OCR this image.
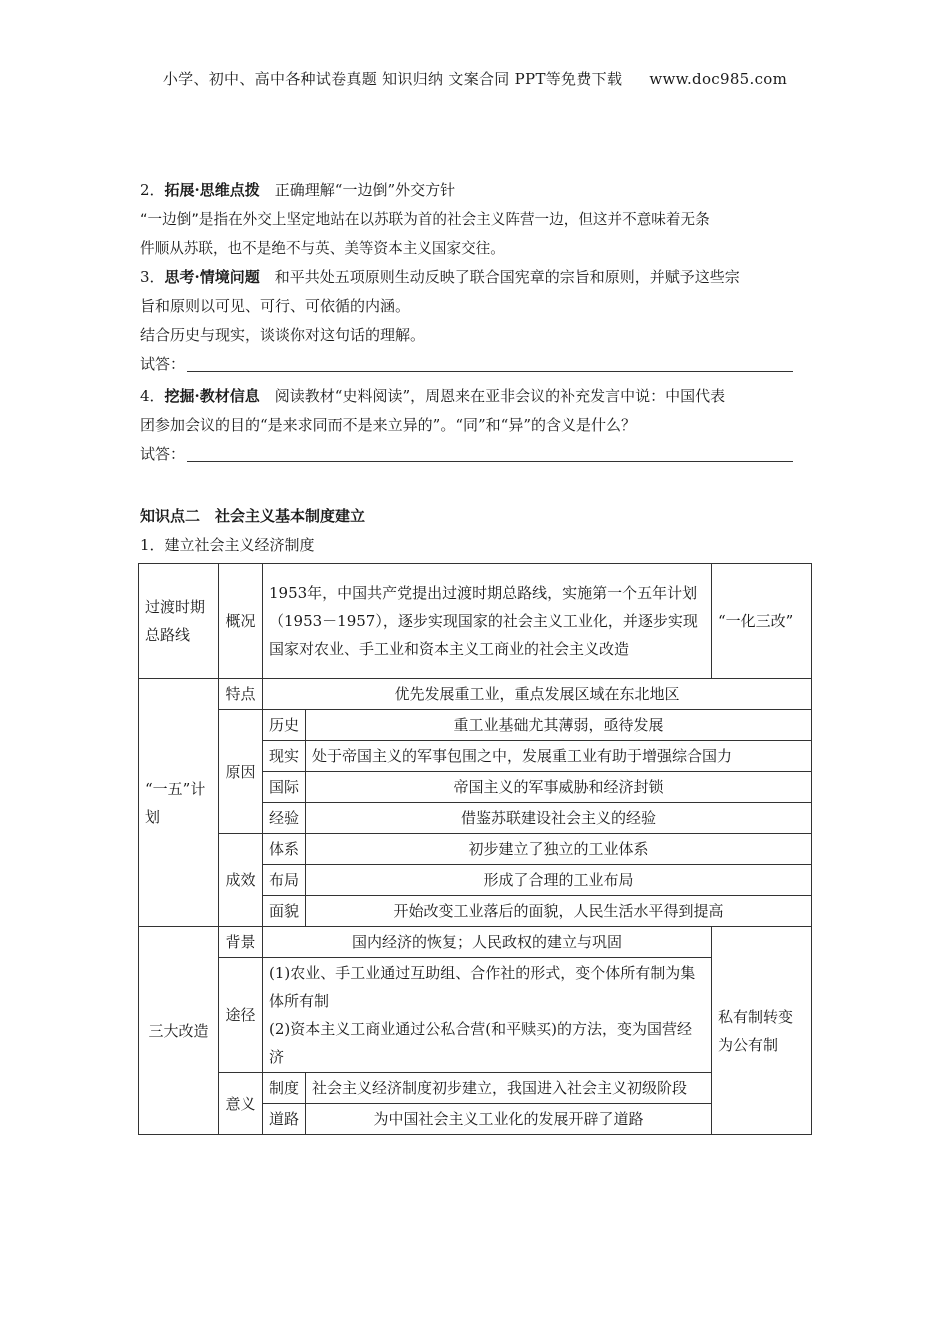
小学、初中、高中各种试卷真题 知识归纳 文案合同 PPT等免费下载 www.doc985.com
2．拓展·思维点拨　 正确理解“一边倒”外交方针
“一边倒”是指在外交上坚定地站在以苏联为首的社会主义阵营一边，但这并不意味着无条
件顺从苏联，也不是绝不与英、美等资本主义国家交往。
3．思考·情境问题　 和平共处五项原则生动反映了联合国宪章的宗旨和原则，并赋予这些宗
旨和原则以可见、可行、可依循的内涵。
结合历史与现实，谈谈你对这句话的理解。
试答：
4．挖掘·教材信息　 阅读教材“史料阅读”，周恩来在亚非会议的补充发言中说：中国代表
团参加会议的目的“是来求同而不是来立异的”。“同”和“异”的含义是什么？
试答：
知识点二　社会主义基本制度建立
1．建立社会主义经济制度
过渡时期总路线	概况	1953年，中国共产党提出过渡时期总路线，实施第一个五年计划（1953－1957），逐步实现国家的社会主义工业化，并逐步实现国家对农业、手工业和资本主义工商业的社会主义改造		“一化三改”
“一五”计划	特点	优先发展重工业，重点发展区域在东北地区		
	原因	历史	重工业基础尤其薄弱，亟待发展	
		现实	处于帝国主义的军事包围之中，发展重工业有助于增强综合国力	
		国际	帝国主义的军事威胁和经济封锁	
		经验	借鉴苏联建设社会主义的经验	
	成效	体系	初步建立了独立的工业体系	
		布局	形成了合理的工业布局	
		面貌	开始改变工业落后的面貌，人民生活水平得到提高	
三大改造	背景	国内经济的恢复；人民政权的建立与巩固		私有制转变为公有制
	途径	(1)农业、手工业通过互助组、合作社的形式，变个体所有制为集体所有制
(2)资本主义工商业通过公私合营(和平赎买)的方法，变为国营经济		

	意义	制度	社会主义经济制度初步建立，我国进入社会主义初级阶段	
		道路	为中国社会主义工业化的发展开辟了道路	
